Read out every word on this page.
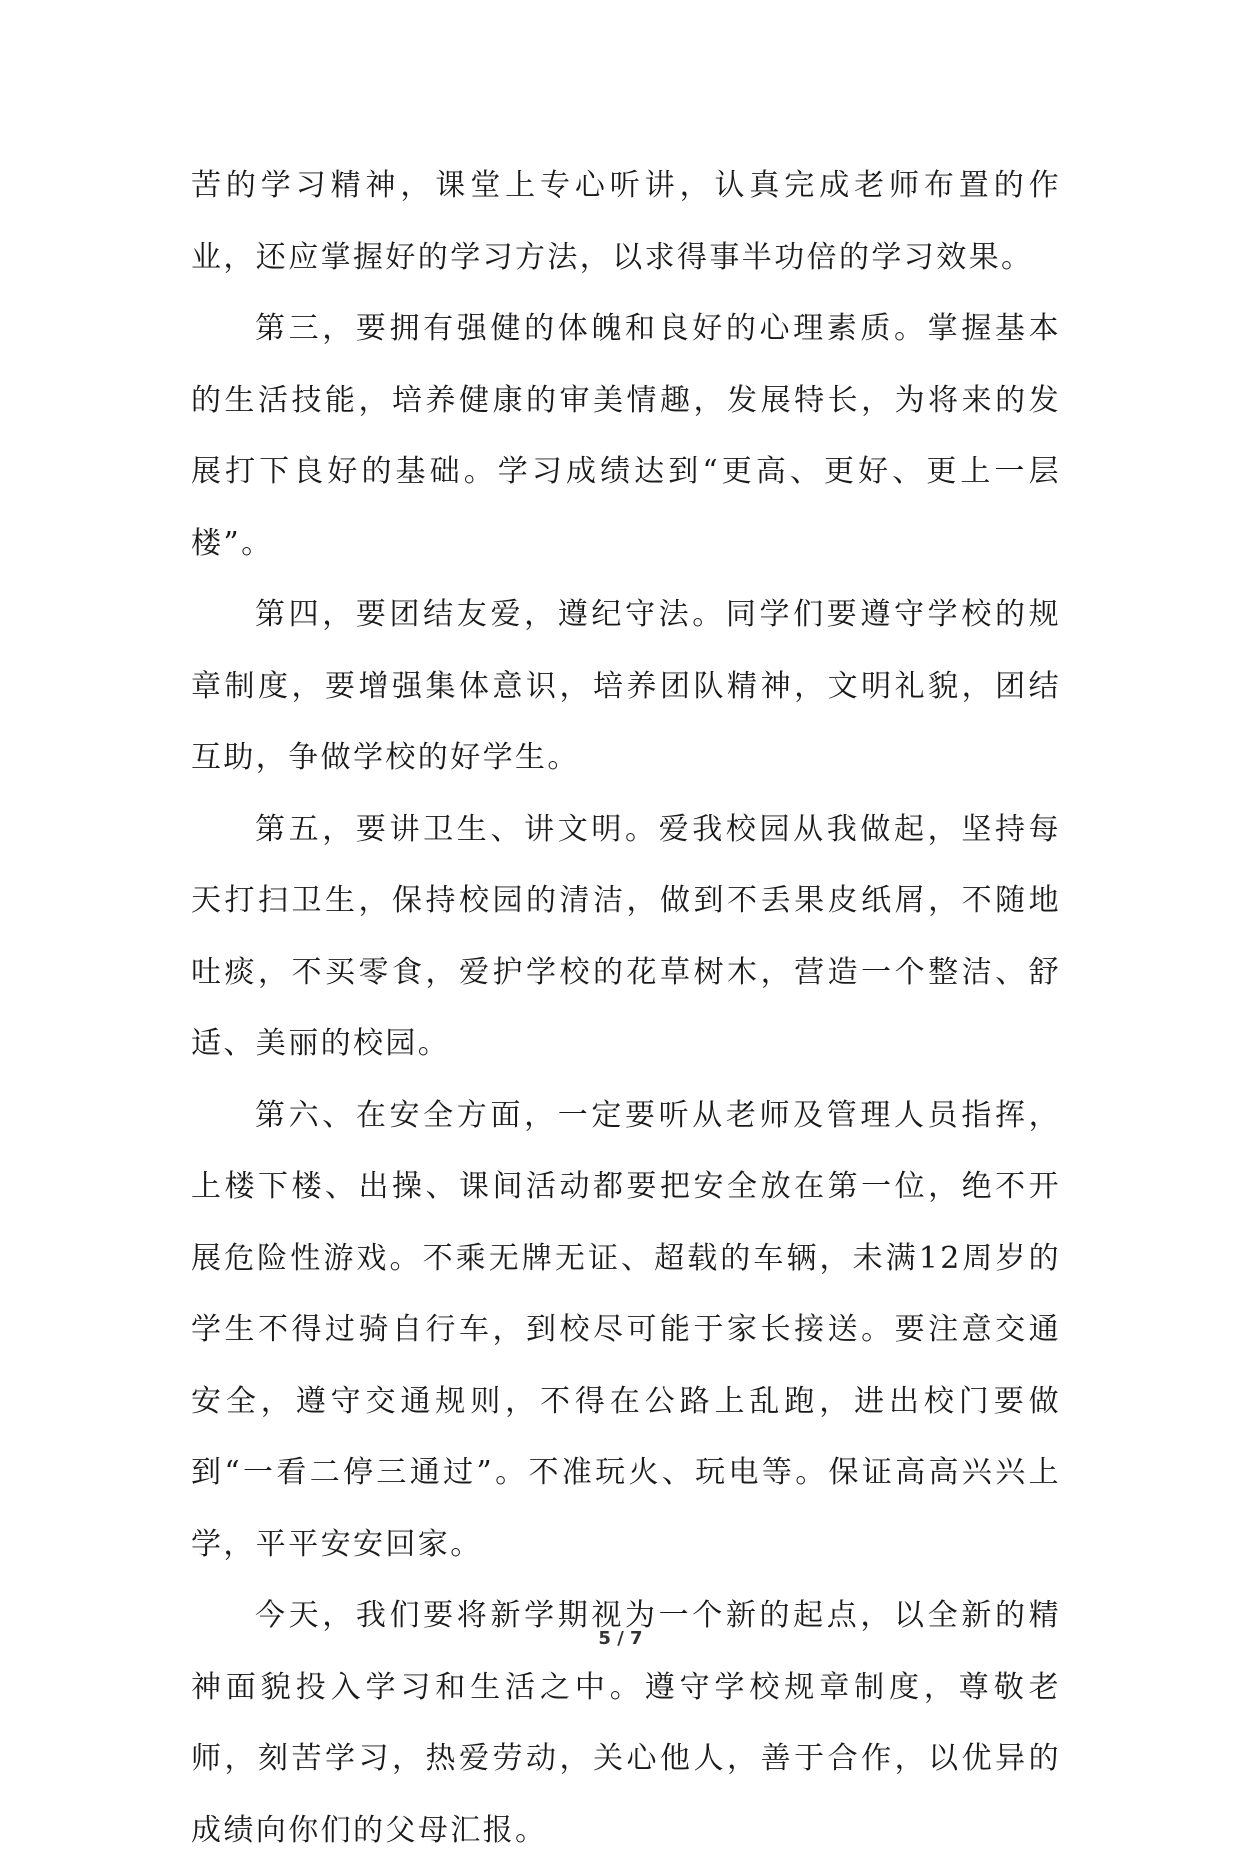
苦的学习精神，课堂上专心听讲，认真完成老师布置的作业，还应掌握好的学习方法，以求得事半功倍的学习效果。

第三，要拥有强健的体魄和良好的心理素质。掌握基本的生活技能，培养健康的审美情趣，发展特长，为将来的发展打下良好的基础。学习成绩达到“更高、更好、更上一层楼”。

第四，要团结友爱，遵纪守法。同学们要遵守学校的规章制度，要增强集体意识，培养团队精神，文明礼貌，团结互助，争做学校的好学生。

第五，要讲卫生、讲文明。爱我校园从我做起，坚持每天打扫卫生，保持校园的清洁，做到不丢果皮纸屑，不随地吐痰，不买零食，爱护学校的花草树木，营造一个整洁、舒适、美丽的校园。

第六、在安全方面，一定要听从老师及管理人员指挥，上楼下楼、出操、课间活动都要把安全放在第一位，绝不开展危险性游戏。不乘无牌无证、超载的车辆，未满12周岁的学生不得过骑自行车，到校尽可能于家长接送。要注意交通安全，遵守交通规则，不得在公路上乱跑，进出校门要做到“一看二停三通过”。不准玩火、玩电等。保证高高兴兴上学，平平安安回家。

今天，我们要将新学期视为一个新的起点，以全新的精神面貌投入学习和生活之中。遵守学校规章制度，尊敬老师，刻苦学习，热爱劳动，关心他人，善于合作，以优异的成绩向你们的父母汇报。

5 / 7
